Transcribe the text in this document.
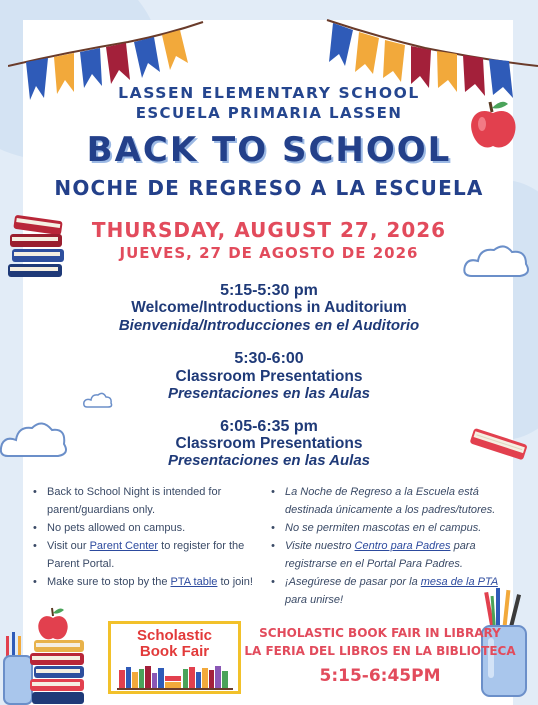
LASSEN ELEMENTARY SCHOOL
ESCUELA PRIMARIA LASSEN
BACK TO SCHOOL
NOCHE DE REGRESO A LA ESCUELA
THURSDAY, AUGUST 27, 2026
JUEVES, 27 DE AGOSTO DE 2026
5:15-5:30 pm
Welcome/Introductions in Auditorium
Bienvenida/Introducciones en el Auditorio
5:30-6:00
Classroom Presentations
Presentaciones en las Aulas
6:05-6:35 pm
Classroom Presentations
Presentaciones en las Aulas
• Back to School Night is intended for parent/guardians only.
• No pets allowed on campus.
• Visit our Parent Center to register for the Parent Portal.
• Make sure to stop by the PTA table to join!
• La Noche de Regreso a la Escuela está destinada únicamente a los padres/tutores.
• No se permiten mascotas en el campus.
• Visite nuestro Centro para Padres para registrarse en el Portal Para Padres.
• ¡Asegúrese de pasar por la mesa de la PTA para unirse!
Scholastic
Book Fair
SCHOLASTIC BOOK FAIR IN LIBRARY
LA FERIA DEL LIBROS EN LA BIBLIOTECA
5:15-6:45PM
